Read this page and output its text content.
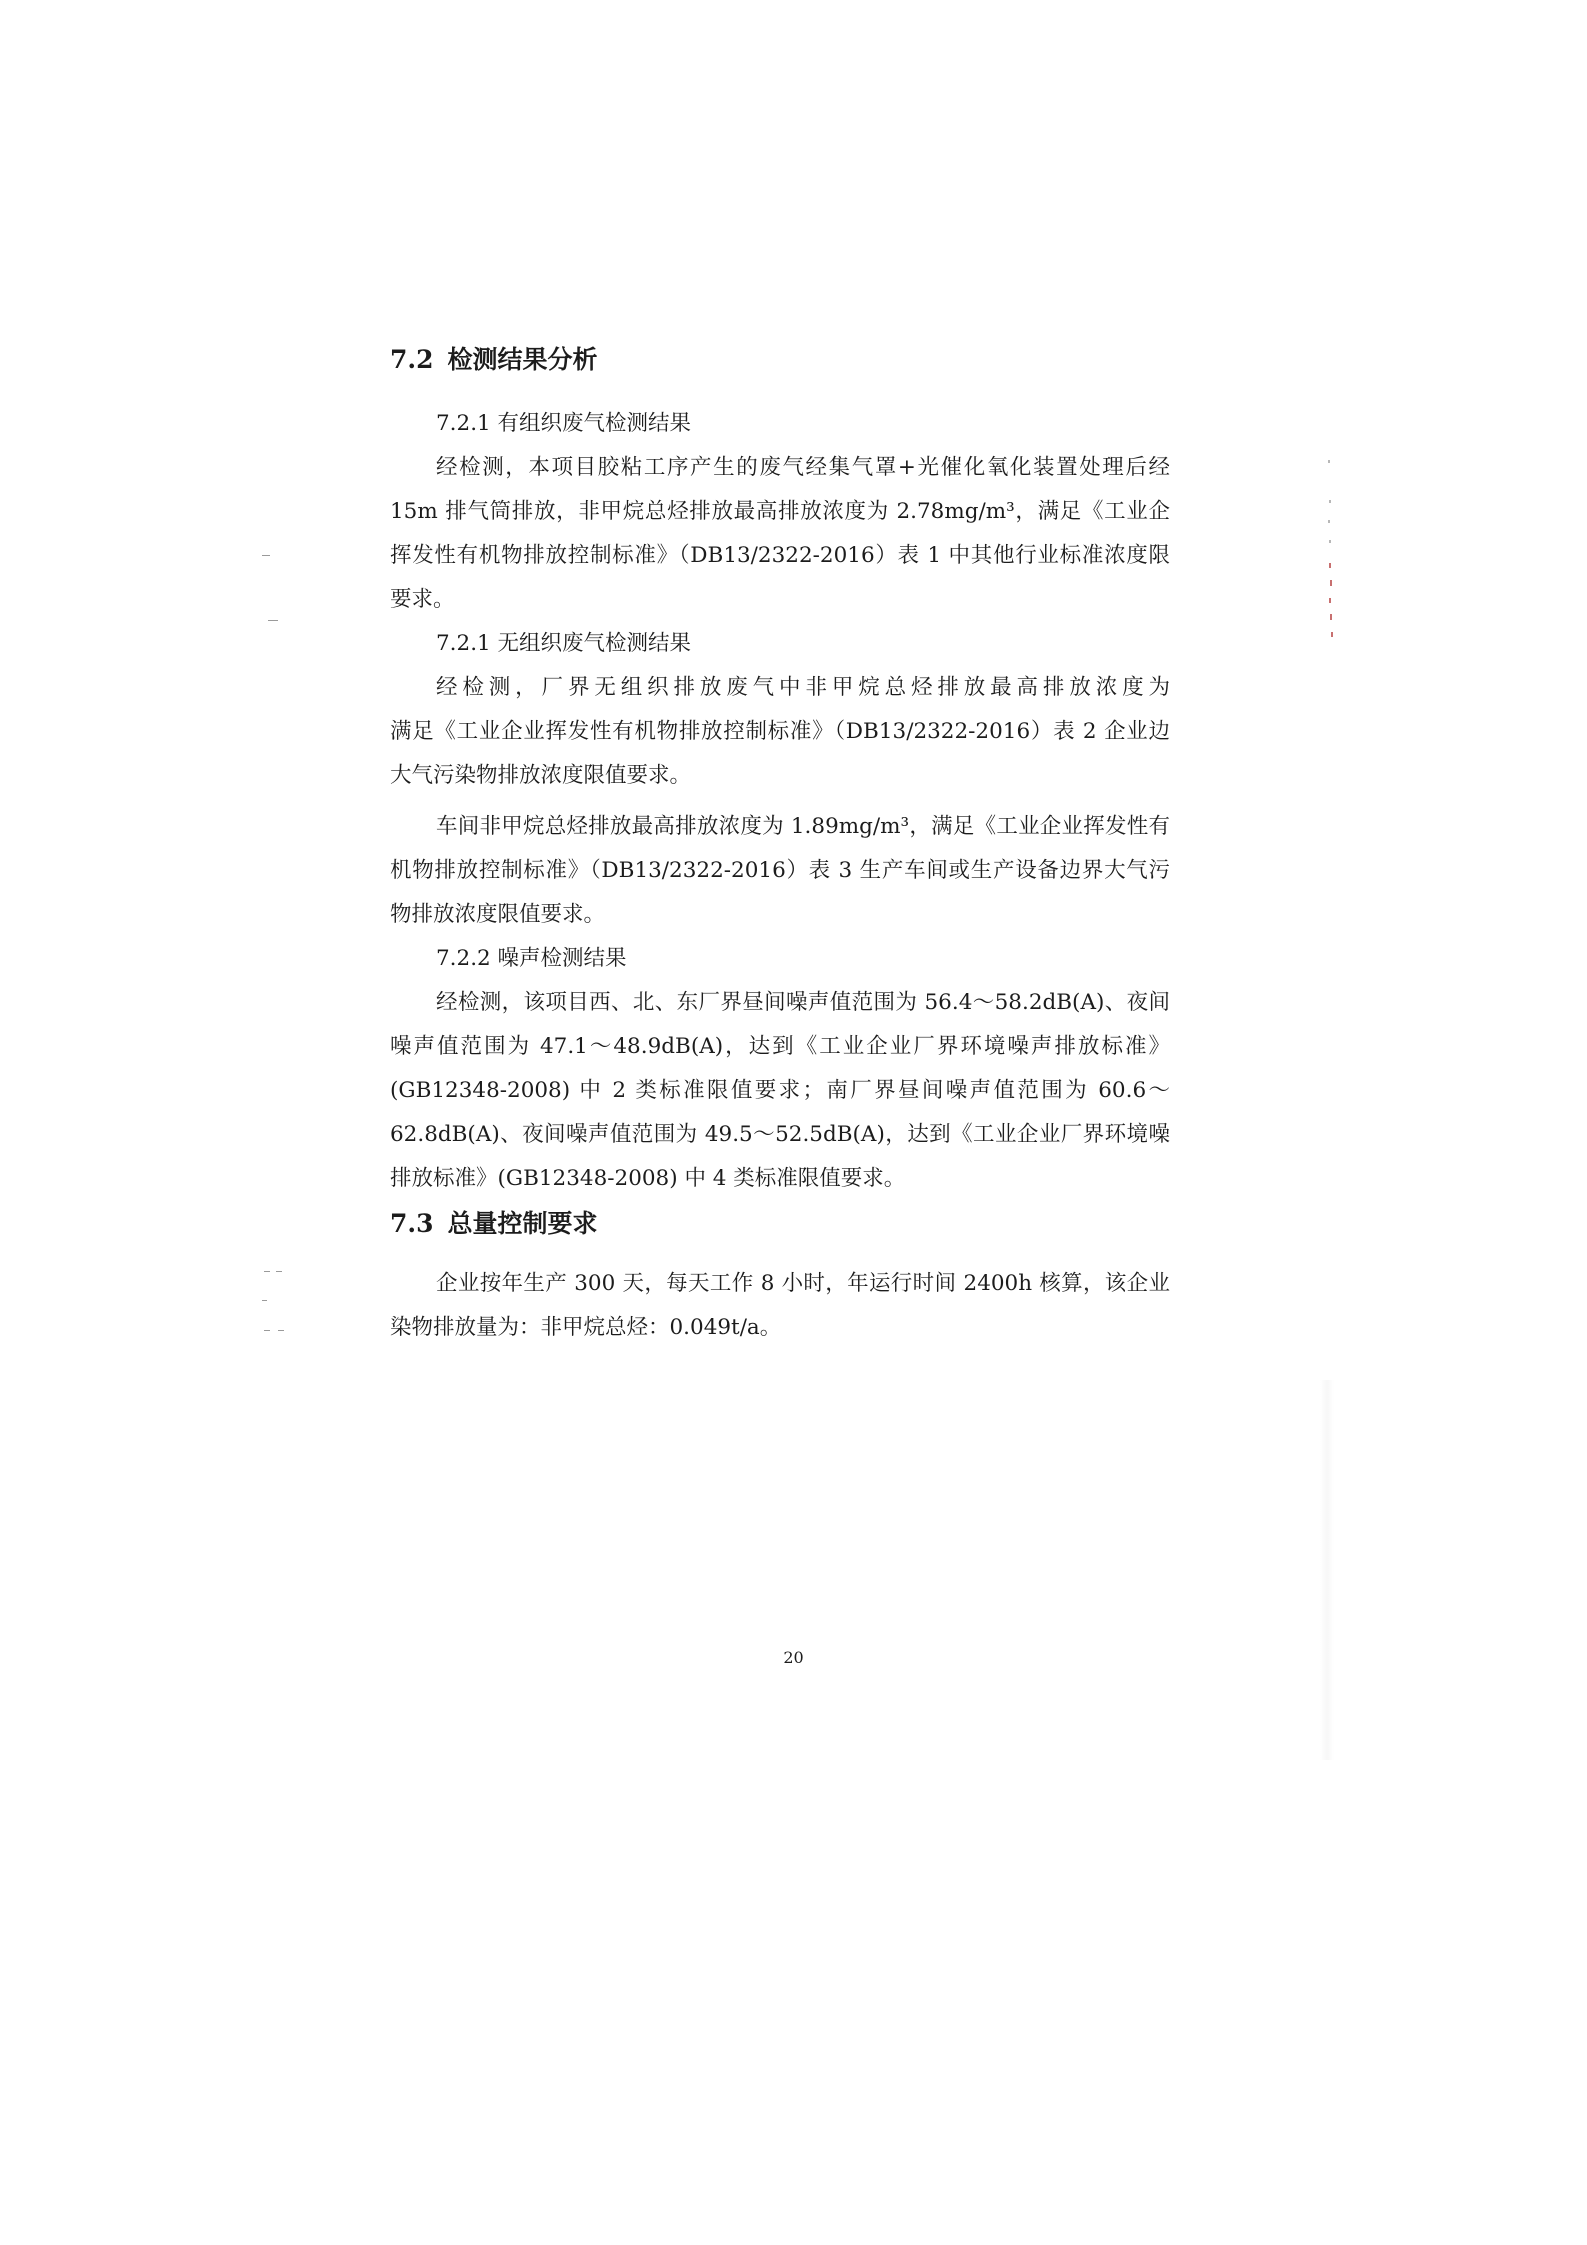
7.2 检测结果分析
7.2.1 有组织废气检测结果
经检测，本项目胶粘工序产生的废气经集气罩+光催化氧化装置处理后经
15m 排气筒排放，非甲烷总烃排放最高排放浓度为 2.78mg/m³，满足《工业企
挥发性有机物排放控制标准》（DB13/2322-2016）表 1 中其他行业标准浓度限
要求。
7.2.1 无组织废气检测结果
经检测，厂界无组织排放废气中非甲烷总烃排放最高排放浓度为
满足《工业企业挥发性有机物排放控制标准》（DB13/2322-2016）表 2 企业边
大气污染物排放浓度限值要求。
车间非甲烷总烃排放最高排放浓度为 1.89mg/m³，满足《工业企业挥发性有
机物排放控制标准》（DB13/2322-2016）表 3 生产车间或生产设备边界大气污
物排放浓度限值要求。
7.2.2 噪声检测结果
经检测，该项目西、北、东厂界昼间噪声值范围为 56.4～58.2dB(A)、夜间
噪声值范围为 47.1～48.9dB(A)，达到《工业企业厂界环境噪声排放标准》
(GB12348-2008) 中 2 类标准限值要求；南厂界昼间噪声值范围为 60.6～
62.8dB(A)、夜间噪声值范围为 49.5～52.5dB(A)，达到《工业企业厂界环境噪
排放标准》(GB12348-2008) 中 4 类标准限值要求。
7.3 总量控制要求
企业按年生产 300 天，每天工作 8 小时，年运行时间 2400h 核算，该企业
染物排放量为：非甲烷总烃：0.049t/a。
20
